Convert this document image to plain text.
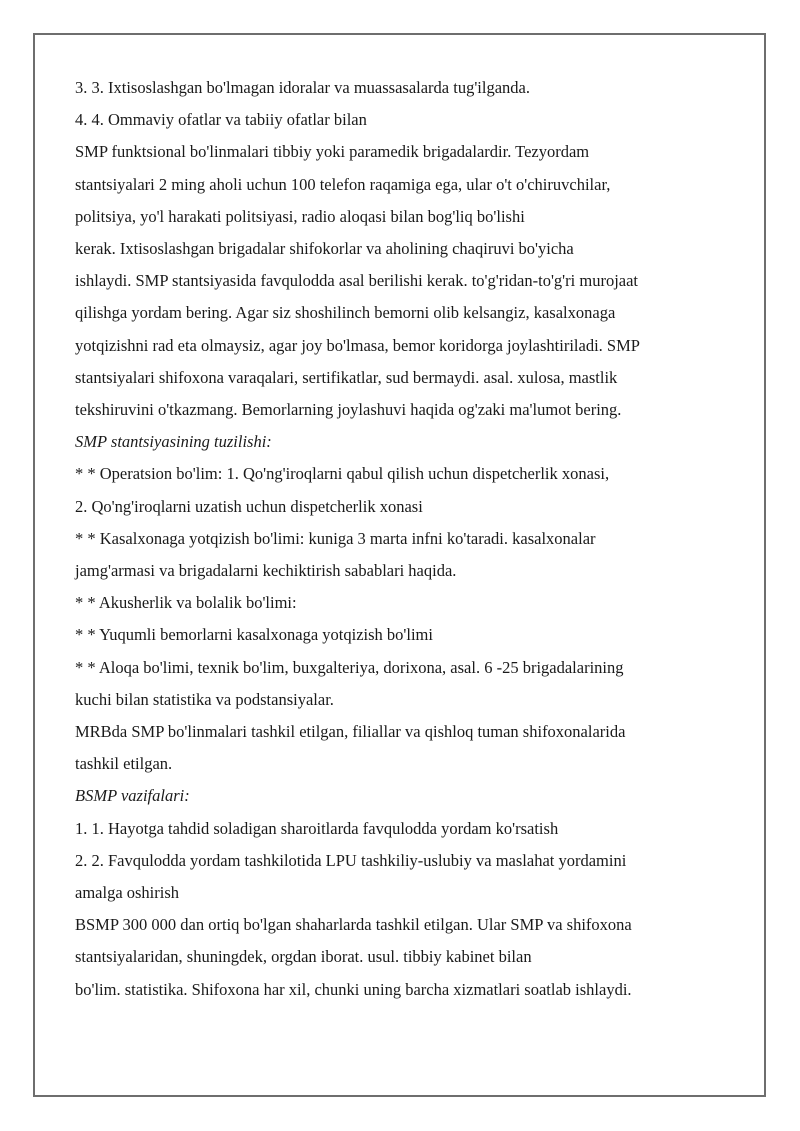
3. 3. Ixtisoslashgan bo'lmagan idoralar va muassasalarda tug'ilganda.
4. 4. Ommaviy ofatlar va tabiiy ofatlar bilan
SMP funktsional bo'linmalari tibbiy yoki paramedik brigadalardir. Tezyordam
stantsiyalari 2 ming aholi uchun 100 telefon raqamiga ega, ular o't o'chiruvchilar,
politsiya, yo'l harakati politsiyasi, radio aloqasi bilan bog'liq bo'lishi
kerak. Ixtisoslashgan brigadalar shifokorlar va aholining chaqiruvi bo'yicha
ishlaydi. SMP stantsiyasida favqulodda asal berilishi kerak. to'g'ridan-to'g'ri murojaat
qilishga yordam bering. Agar siz shoshilinch bemorni olib kelsangiz, kasalxonaga
yotqizishni rad eta olmaysiz, agar joy bo'lmasa, bemor koridorga joylashtiriladi. SMP
stantsiyalari shifoxona varaqalari, sertifikatlar, sud bermaydi. asal. xulosa, mastlik
tekshiruvini o'tkazmang. Bemorlarning joylashuvi haqida og'zaki ma'lumot bering.
SMP stantsiyasining tuzilishi:
* * Operatsion bo'lim: 1. Qo'ng'iroqlarni qabul qilish uchun dispetcherlik xonasi,
2. Qo'ng'iroqlarni uzatish uchun dispetcherlik xonasi
* * Kasalxonaga yotqizish bo'limi: kuniga 3 marta infni ko'taradi. kasalxonalar
jamg'armasi va brigadalarni kechiktirish sabablari haqida.
* * Akusherlik va bolalik bo'limi:
* * Yuqumli bemorlarni kasalxonaga yotqizish bo'limi
* * Aloqa bo'limi, texnik bo'lim, buxgalteriya, dorixona, asal. 6 -25 brigadalarining
kuchi bilan statistika va podstansiyalar.
MRBda SMP bo'linmalari tashkil etilgan, filiallar va qishloq tuman shifoxonalarida
tashkil etilgan.
BSMP vazifalari:
1. 1. Hayotga tahdid soladigan sharoitlarda favqulodda yordam ko'rsatish
2. 2. Favqulodda yordam tashkilotida LPU tashkiliy-uslubiy va maslahat yordamini
amalga oshirish
BSMP 300 000 dan ortiq bo'lgan shaharlarda tashkil etilgan. Ular SMP va shifoxona
stantsiyalaridan, shuningdek, orgdan iborat. usul. tibbiy kabinet bilan
bo'lim. statistika. Shifoxona har xil, chunki uning barcha xizmatlari soatlab ishlaydi.
